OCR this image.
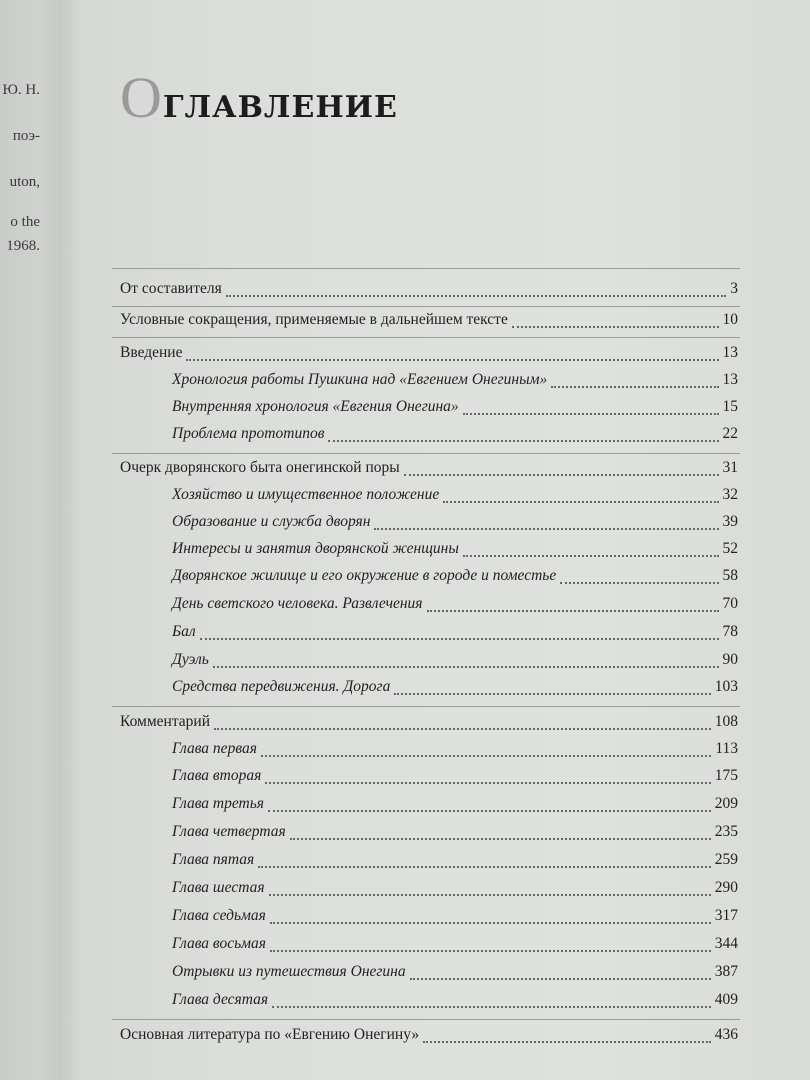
Ю. Н.
поэ-
uton,
o the
1968.
ОГЛАВЛЕНИЕ
От составителя	3
Условные сокращения, применяемые в дальнейшем тексте	10
Введение	13
Хронология работы Пушкина над «Евгением Онегиным»	13
Внутренняя хронология «Евгения Онегина»	15
Проблема прототипов	22
Очерк дворянского быта онегинской поры	31
Хозяйство и имущественное положение	32
Образование и служба дворян	39
Интересы и занятия дворянской женщины	52
Дворянское жилище и его окружение в городе и поместье	58
День светского человека. Развлечения	70
Бал	78
Дуэль	90
Средства передвижения. Дорога	103
Комментарий	108
Глава первая	113
Глава вторая	175
Глава третья	209
Глава четвертая	235
Глава пятая	259
Глава шестая	290
Глава седьмая	317
Глава восьмая	344
Отрывки из путешествия Онегина	387
Глава десятая	409
Основная литература по «Евгению Онегину»	436
